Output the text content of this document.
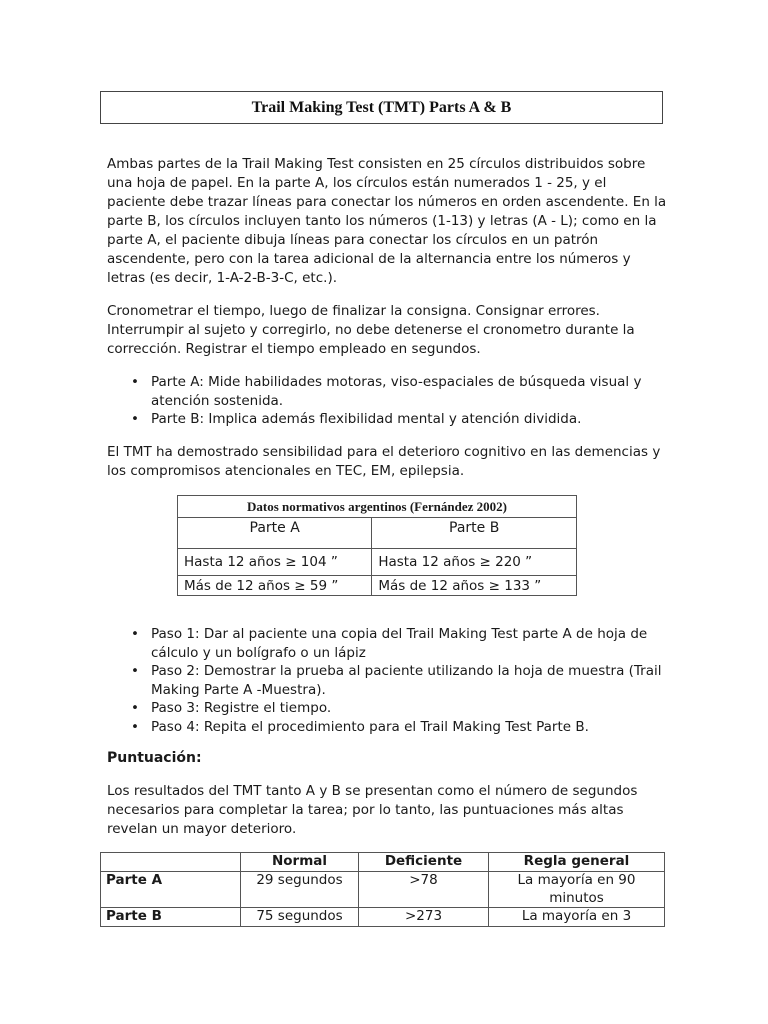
Trail Making Test (TMT) Parts A & B

Ambas partes de la Trail Making Test consisten en 25 círculos distribuidos sobre una hoja de papel. En la parte A, los círculos están numerados 1 - 25, y el paciente debe trazar líneas para conectar los números en orden ascendente. En la parte B, los círculos incluyen tanto los números (1-13) y letras (A - L); como en la parte A, el paciente dibuja líneas para conectar los círculos en un patrón ascendente, pero con la tarea adicional de la alternancia entre los números y letras (es decir, 1-A-2-B-3-C, etc.).

Cronometrar el tiempo, luego de finalizar la consigna. Consignar errores. Interrumpir al sujeto y corregirlo, no debe detenerse el cronometro durante la corrección. Registrar el tiempo empleado en segundos.

• Parte A: Mide habilidades motoras, viso-espaciales de búsqueda visual y atención sostenida.
• Parte B: Implica además flexibilidad mental y atención dividida.

El TMT ha demostrado sensibilidad para el deterioro cognitivo en las demencias y los compromisos atencionales en TEC, EM, epilepsia.

Datos normativos argentinos (Fernández 2002)	
Parte A	Parte B
Hasta 12 años ≥ 104 ”	Hasta 12 años ≥ 220 ”
Más de 12 años ≥ 59 ”	Más de 12 años ≥ 133 ”
• Paso 1: Dar al paciente una copia del Trail Making Test parte A de hoja de cálculo y un bolígrafo o un lápiz
• Paso 2: Demostrar la prueba al paciente utilizando la hoja de muestra (Trail Making Parte A -Muestra).
• Paso 3: Registre el tiempo.
• Paso 4: Repita el procedimiento para el Trail Making Test Parte B.
Puntuación:

Los resultados del TMT tanto A y B se presentan como el número de segundos necesarios para completar la tarea; por lo tanto, las puntuaciones más altas revelan un mayor deterioro.

	Normal	Deficiente	Regla general
Parte A	29 segundos	>78	La mayoría en 90 minutos
Parte B	75 segundos	>273	La mayoría en 3
